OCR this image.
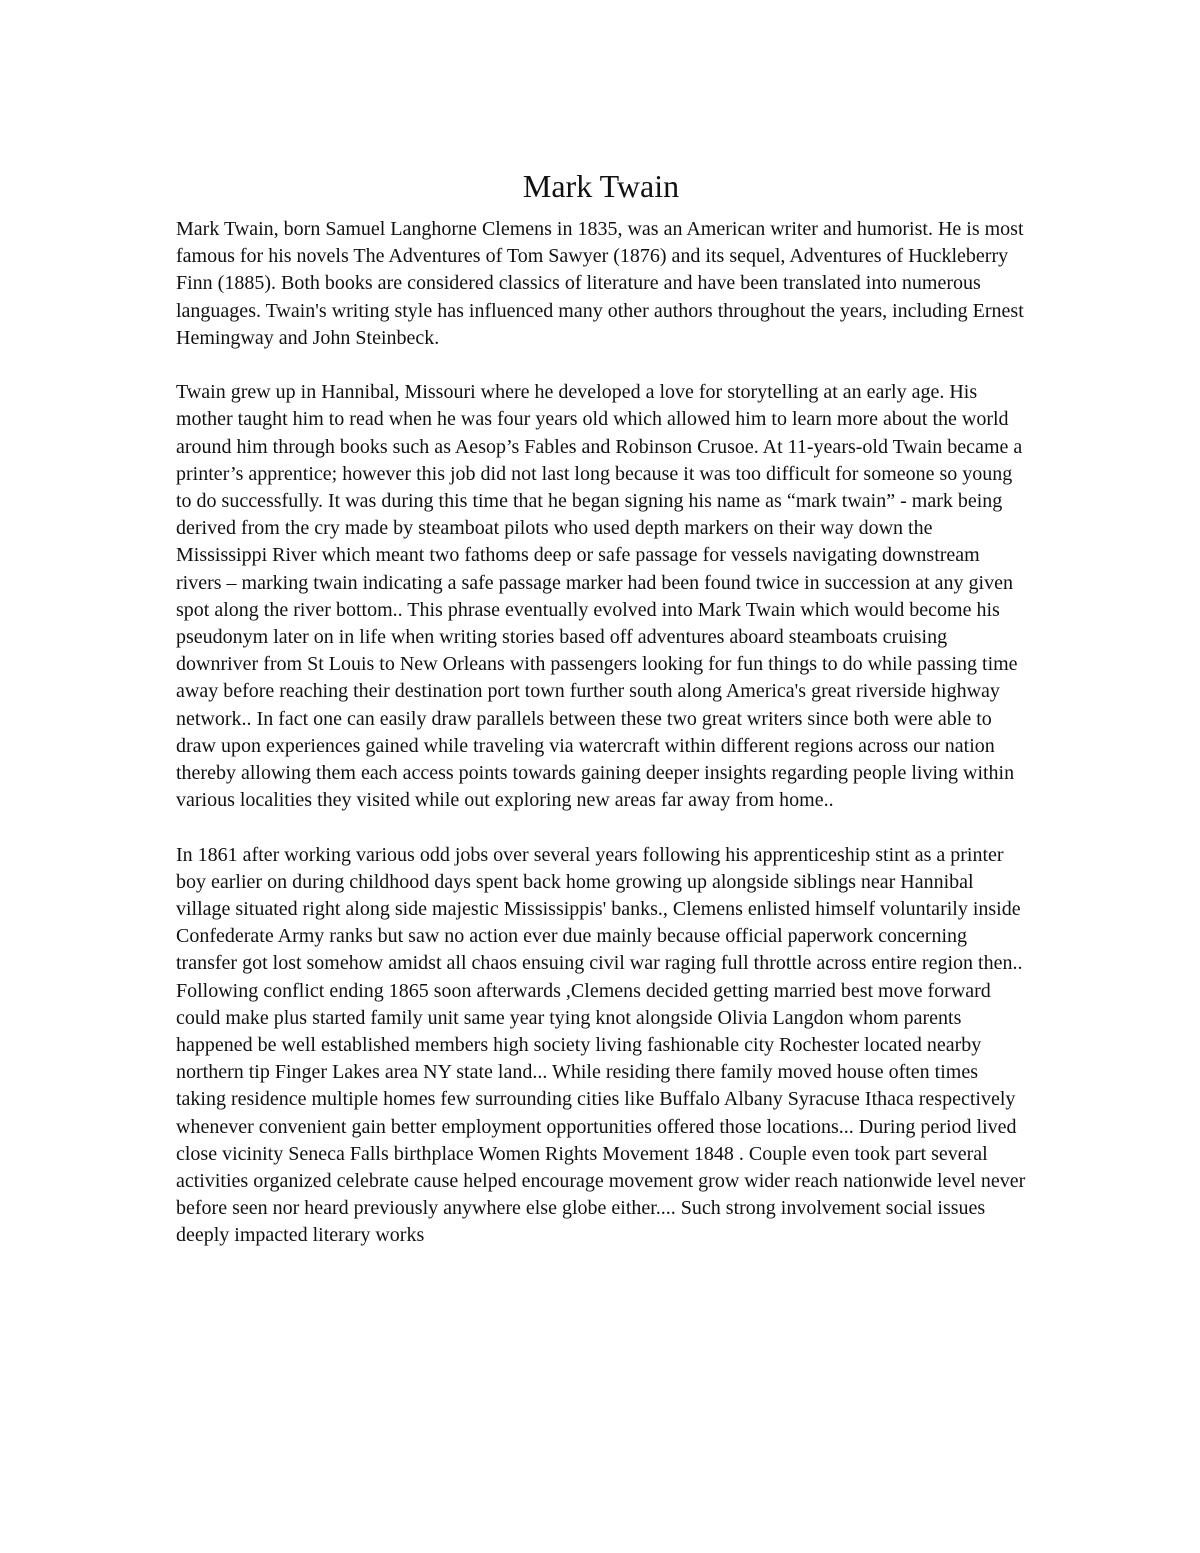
Mark Twain

Mark Twain, born Samuel Langhorne Clemens in 1835, was an American writer and humorist. He is most famous for his novels The Adventures of Tom Sawyer (1876) and its sequel, Adventures of Huckleberry Finn (1885). Both books are considered classics of literature and have been translated into numerous languages. Twain's writing style has influenced many other authors throughout the years, including Ernest Hemingway and John Steinbeck.

Twain grew up in Hannibal, Missouri where he developed a love for storytelling at an early age. His mother taught him to read when he was four years old which allowed him to learn more about the world around him through books such as Aesop’s Fables and Robinson Crusoe. At 11-years-old Twain became a printer’s apprentice; however this job did not last long because it was too difficult for someone so young to do successfully. It was during this time that he began signing his name as “mark twain” - mark being derived from the cry made by steamboat pilots who used depth markers on their way down the Mississippi River which meant two fathoms deep or safe passage for vessels navigating downstream rivers – marking twain indicating a safe passage marker had been found twice in succession at any given spot along the river bottom.. This phrase eventually evolved into Mark Twain which would become his pseudonym later on in life when writing stories based off adventures aboard steamboats cruising downriver from St Louis to New Orleans with passengers looking for fun things to do while passing time away before reaching their destination port town further south along America's great riverside highway network.. In fact one can easily draw parallels between these two great writers since both were able to draw upon experiences gained while traveling via watercraft within different regions across our nation thereby allowing them each access points towards gaining deeper insights regarding people living within various localities they visited while out exploring new areas far away from home..

In 1861 after working various odd jobs over several years following his apprenticeship stint as a printer boy earlier on during childhood days spent back home growing up alongside siblings near Hannibal village situated right along side majestic Mississippis' banks., Clemens enlisted himself voluntarily inside Confederate Army ranks but saw no action ever due mainly because official paperwork concerning transfer got lost somehow amidst all chaos ensuing civil war raging full throttle across entire region then.. Following conflict ending 1865 soon afterwards ,Clemens decided getting married best move forward could make plus started family unit same year tying knot alongside Olivia Langdon whom parents happened be well established members high society living fashionable city Rochester located nearby northern tip Finger Lakes area NY state land... While residing there family moved house often times taking residence multiple homes few surrounding cities like Buffalo Albany Syracuse Ithaca respectively whenever convenient gain better employment opportunities offered those locations... During period lived close vicinity Seneca Falls birthplace Women Rights Movement 1848 . Couple even took part several activities organized celebrate cause helped encourage movement grow wider reach nationwide level never before seen nor heard previously anywhere else globe either.... Such strong involvement social issues deeply impacted literary works
